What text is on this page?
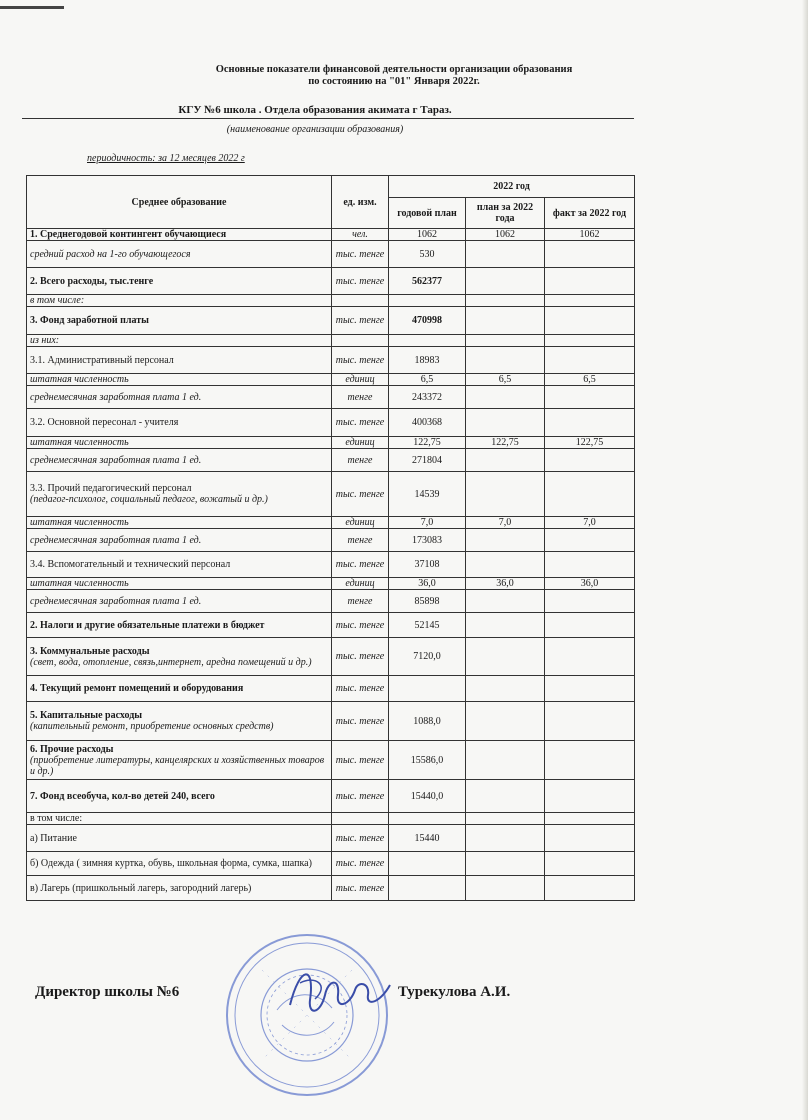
Основные показатели финансовой деятельности организации образования
по состоянию на "01" Января 2022г.
КГУ №6 школа . Отдела образования акимата г Тараз.
(наименование организации образования)
периодичность: за 12 месяцев 2022 г
Среднее образование	ед. изм.	2022 год		
		годовой план	план за 2022 года	факт за 2022 год
1. Среднегодовой контингент обучающиеся	чел.	1062	1062	1062
средний расход на 1-го обучающегося	тыс. тенге	530		
2. Всего расходы, тыс.тенге	тыс. тенге	562377		
в том числе:				
3. Фонд заработной платы	тыс. тенге	470998		
из них:				
3.1. Административный персонал	тыс. тенге	18983		
штатная численность	единиц	6,5	6,5	6,5
среднемесячная заработная плата 1 ед.	тенге	243372		
3.2. Основной пересонал - учителя	тыс. тенге	400368		
штатная численность	единиц	122,75	122,75	122,75
среднемесячная заработная плата 1 ед.	тенге	271804		
3.3. Прочий педагогический персонал
(педагог-психолог, социальный педагог, вожатый и др.)	тыс. тенге	14539		
штатная численность	единиц	7,0	7,0	7,0
среднемесячная заработная плата 1 ед.	тенге	173083		
3.4. Вспомогательный и технический персонал	тыс. тенге	37108		
штатная численность	единиц	36,0	36,0	36,0
среднемесячная заработная плата 1 ед.	тенге	85898		
2. Налоги и другие обязательные платежи в бюджет	тыс. тенге	52145		
3. Коммунальные расходы
(свет, вода, отопление, связь,интернет, аредна помещений и др.)	тыс. тенге	7120,0		
4. Текущий ремонт помещений и оборудования	тыс. тенге			
5. Капитальные расходы
(капительный ремонт, приобретение основных средств)	тыс. тенге	1088,0		
6. Прочие расходы
(приобретение литературы, канцелярских и хозяйственных товаров и др.)	тыс. тенге	15586,0		
7. Фонд всеобуча, кол-во детей 240, всего	тыс. тенге	15440,0		
в том числе:				
а) Питание	тыс. тенге	15440		
б) Одежда ( зимняя куртка, обувь, школьная форма, сумка, шапка)	тыс. тенге			
в) Лагерь (пришкольный лагерь, загородний лагерь)	тыс. тенге			
Директор школы №6	Турекулова А.И.
